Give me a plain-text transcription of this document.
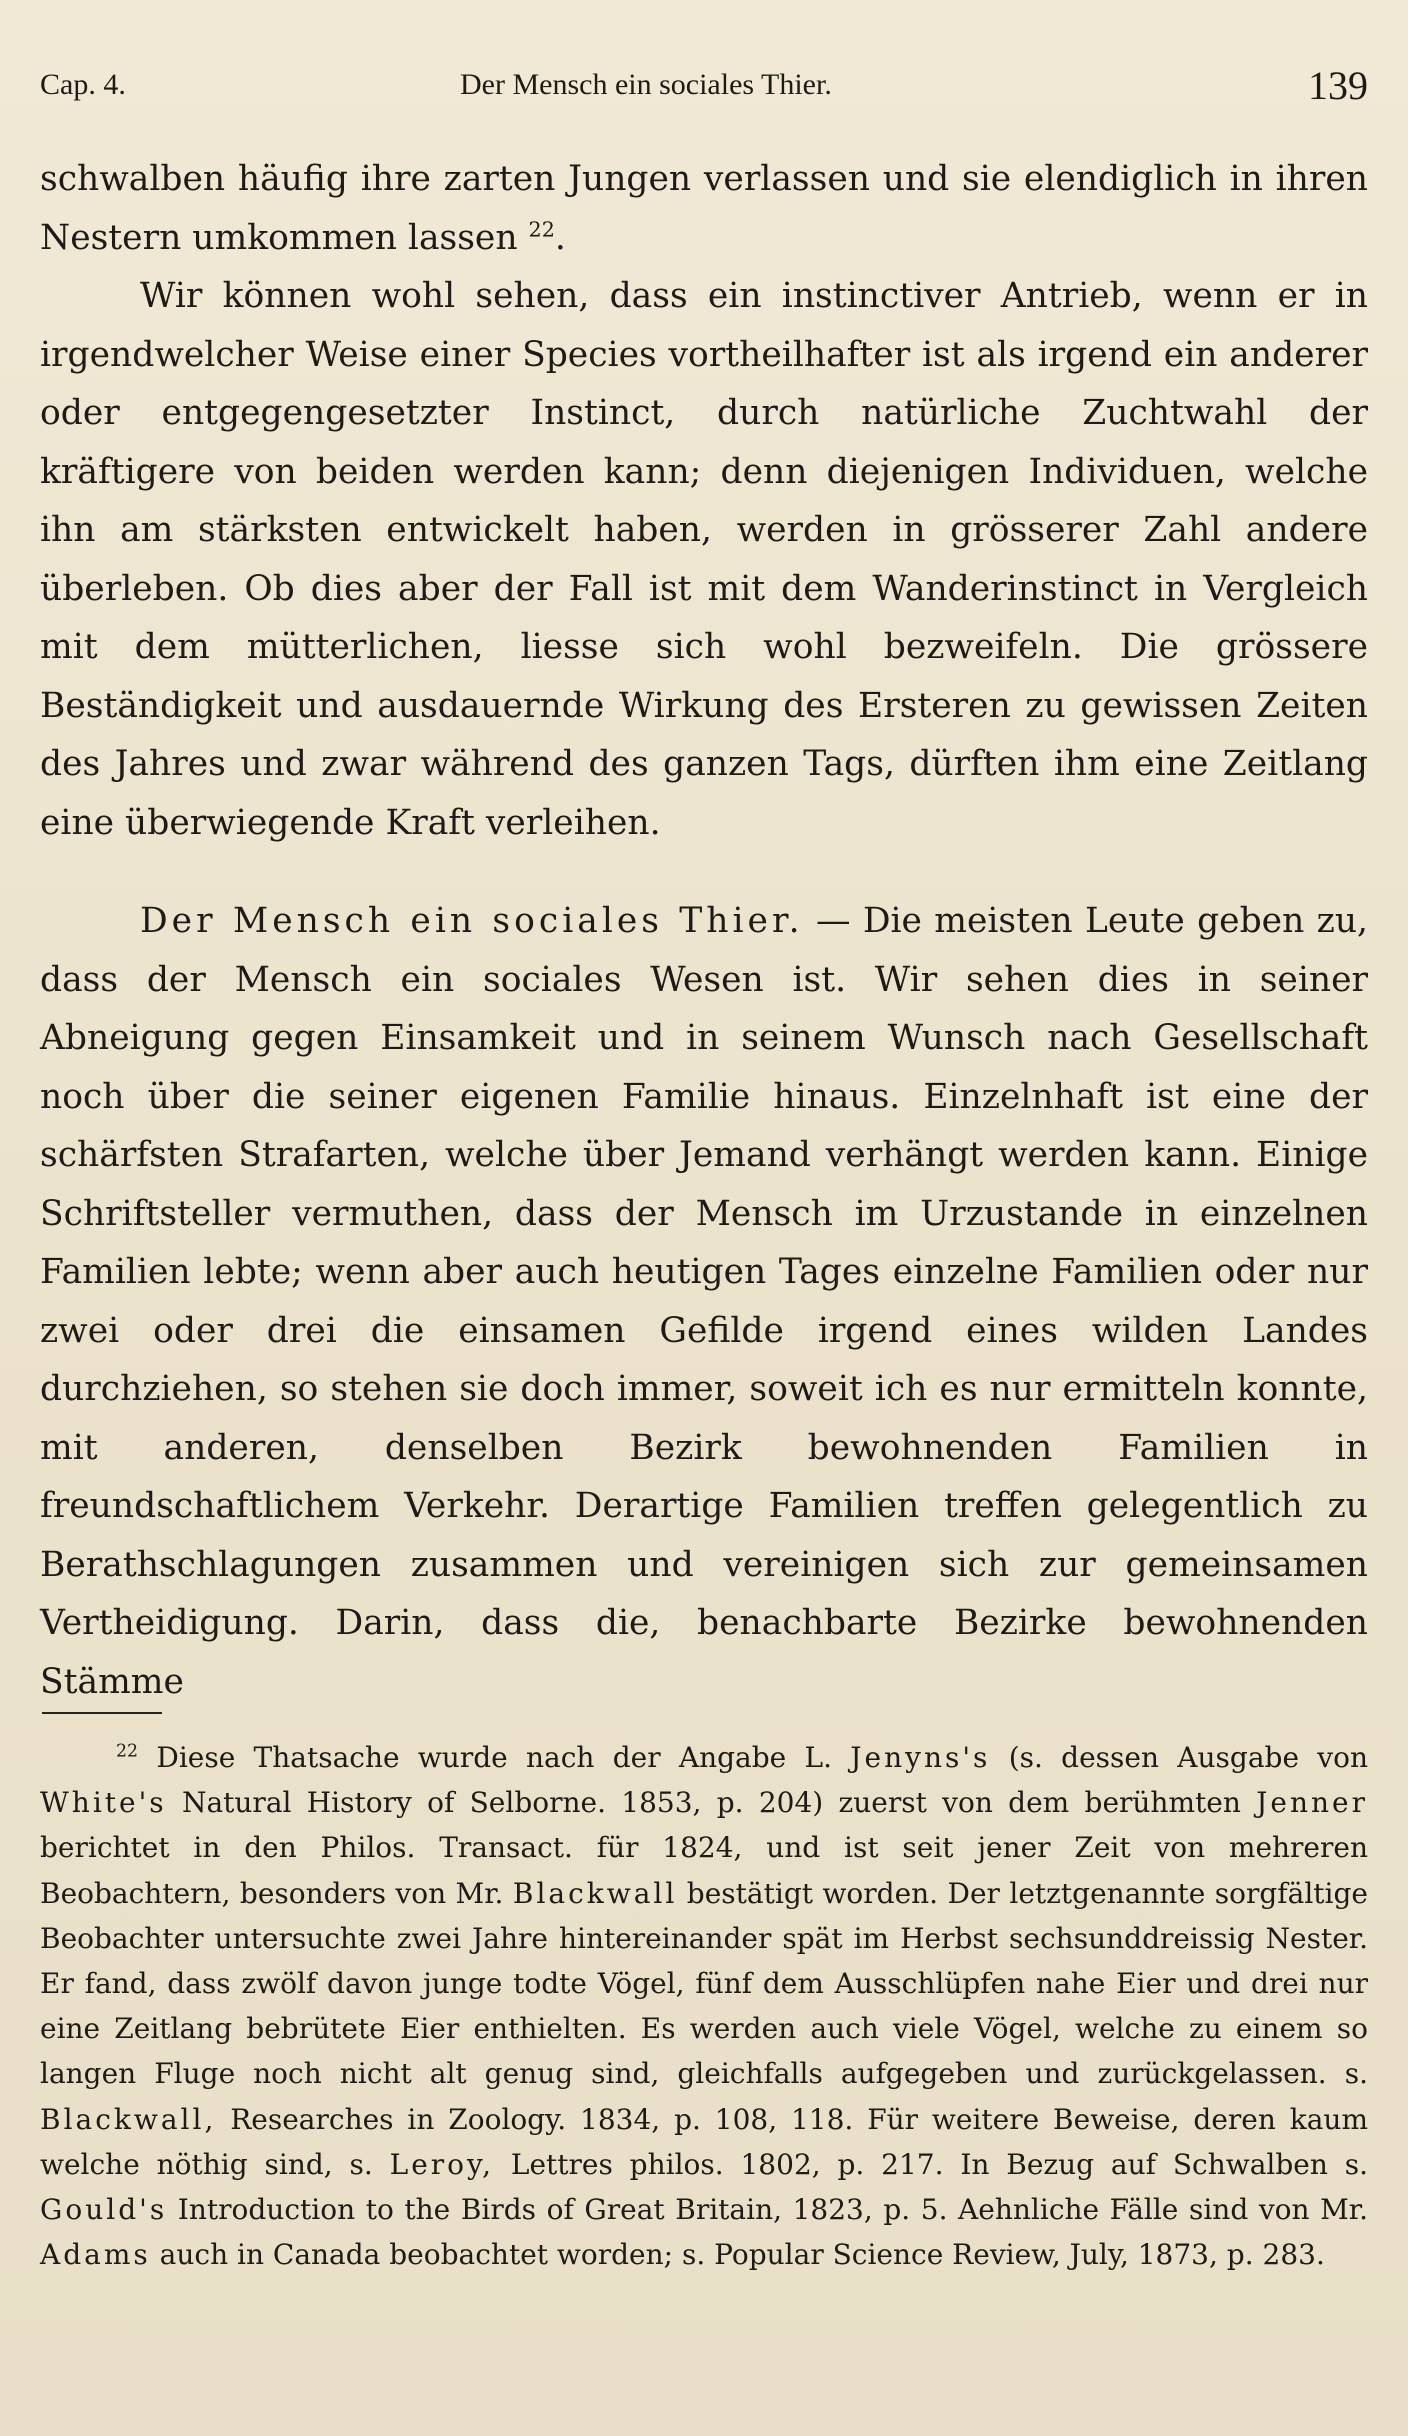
Cap. 4.	Der Mensch ein sociales Thier.	139

schwalben häufig ihre zarten Jungen verlassen und sie elendiglich in ihren Nestern umkommen lassen $^{22}$.

Wir können wohl sehen, dass ein instinctiver Antrieb, wenn er in irgendwelcher Weise einer Species vortheilhafter ist als irgend ein anderer oder entgegengesetzter Instinct, durch natürliche Zuchtwahl der kräftigere von beiden werden kann; denn diejenigen Individuen, welche ihn am stärksten entwickelt haben, werden in grösserer Zahl andere überleben. Ob dies aber der Fall ist mit dem Wanderinstinct in Vergleich mit dem mütterlichen, liesse sich wohl bezweifeln. Die grössere Beständigkeit und ausdauernde Wirkung des Ersteren zu gewissen Zeiten des Jahres und zwar während des ganzen Tags, dürften ihm eine Zeitlang eine überwiegende Kraft verleihen.

Der Mensch ein sociales Thier. — Die meisten Leute geben zu, dass der Mensch ein sociales Wesen ist. Wir sehen dies in seiner Abneigung gegen Einsamkeit und in seinem Wunsch nach Gesellschaft noch über die seiner eigenen Familie hinaus. Einzelnhaft ist eine der schärfsten Strafarten, welche über Jemand verhängt werden kann. Einige Schriftsteller vermuthen, dass der Mensch im Urzustande in einzelnen Familien lebte; wenn aber auch heutigen Tages einzelne Familien oder nur zwei oder drei die einsamen Gefilde irgend eines wilden Landes durchziehen, so stehen sie doch immer, soweit ich es nur ermitteln konnte, mit anderen, denselben Bezirk bewohnenden Familien in freundschaftlichem Verkehr. Derartige Familien treffen gelegentlich zu Berathschlagungen zusammen und vereinigen sich zur gemeinsamen Vertheidigung. Darin, dass die, benachbarte Bezirke bewohnenden Stämme

$^{22}$ Diese Thatsache wurde nach der Angabe L. Jenyns's (s. dessen Ausgabe von White's Natural History of Selborne. 1853, p. 204) zuerst von dem berühmten Jenner berichtet in den Philos. Transact. für 1824, und ist seit jener Zeit von mehreren Beobachtern, besonders von Mr. Blackwall bestätigt worden. Der letztgenannte sorgfältige Beobachter untersuchte zwei Jahre hintereinander spät im Herbst sechsunddreissig Nester. Er fand, dass zwölf davon junge todte Vögel, fünf dem Ausschlüpfen nahe Eier und drei nur eine Zeitlang bebrütete Eier enthielten. Es werden auch viele Vögel, welche zu einem so langen Fluge noch nicht alt genug sind, gleichfalls aufgegeben und zurückgelassen. s. Blackwall, Researches in Zoology. 1834, p. 108, 118. Für weitere Beweise, deren kaum welche nöthig sind, s. Leroy, Lettres philos. 1802, p. 217. In Bezug auf Schwalben s. Gould's Introduction to the Birds of Great Britain, 1823, p. 5. Aehnliche Fälle sind von Mr. Adams auch in Canada beobachtet worden; s. Popular Science Review, July, 1873, p. 283.
